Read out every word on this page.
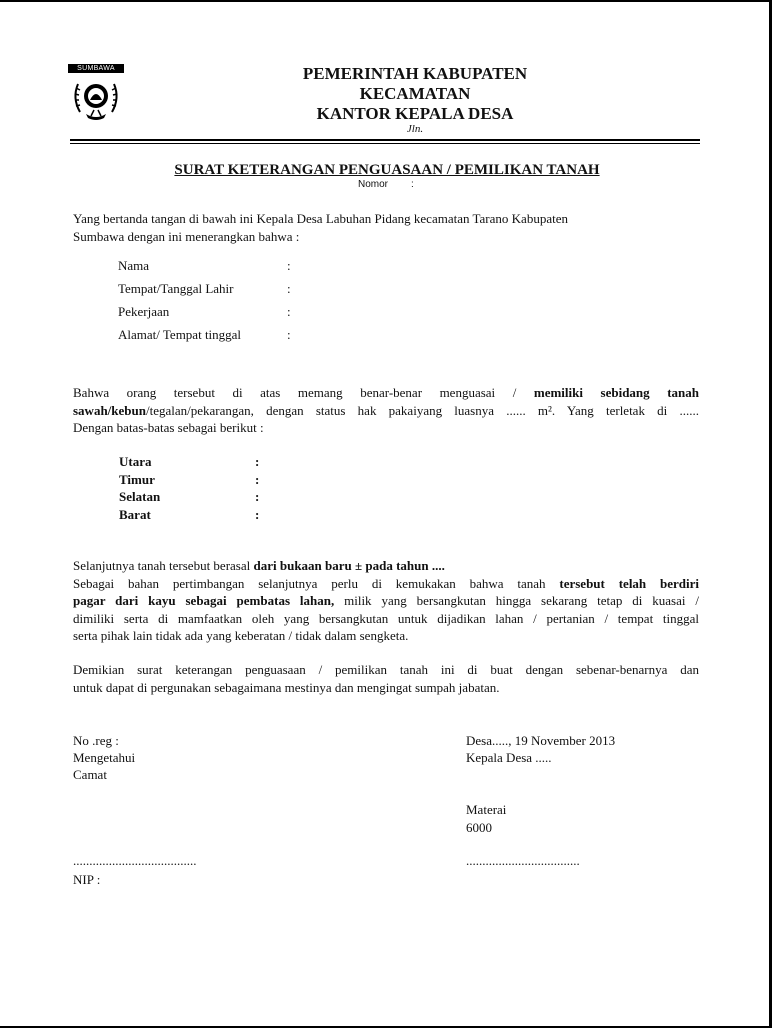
SUMBAWA	PEMERINTAH KABUPATEN
KECAMATAN
KANTOR KEPALA DESA
Jln.
SURAT KETERANGAN PENGUASAAN / PEMILIKAN TANAH
Nomor :
Yang bertanda tangan di bawah ini Kepala Desa Labuhan Pidang kecamatan Tarano Kabupaten
Sumbawa dengan ini menerangkan bahwa :
Nama	:
Tempat/Tanggal Lahir	:
Pekerjaan	:
Alamat/ Tempat tinggal	:
Bahwa orang tersebut di atas memang benar-benar menguasai / memiliki sebidang tanah
sawah/kebun/tegalan/pekarangan, dengan status hak pakaiyang luasnya ...... m². Yang terletak di ......
Dengan batas-batas sebagai berikut :
Utara	:
Timur	:
Selatan	:
Barat	:
Selanjutnya tanah tersebut berasal dari bukaan baru ± pada tahun ....
Sebagai bahan pertimbangan selanjutnya perlu di kemukakan bahwa tanah tersebut telah berdiri
pagar dari kayu sebagai pembatas lahan, milik yang bersangkutan hingga sekarang tetap di kuasai /
dimiliki serta di mamfaatkan oleh yang bersangkutan untuk dijadikan lahan / pertanian / tempat tinggal
serta pihak lain tidak ada yang keberatan / tidak dalam sengketa.
Demikian surat keterangan penguasaan / pemilikan tanah ini di buat dengan sebenar-benarnya dan
untuk dapat di pergunakan sebagaimana mestinya dan mengingat sumpah jabatan.
No .reg :
Mengetahui
Camat
......................................
NIP :
Desa....., 19 November 2013
Kepala Desa .....
Materai
6000
...................................
